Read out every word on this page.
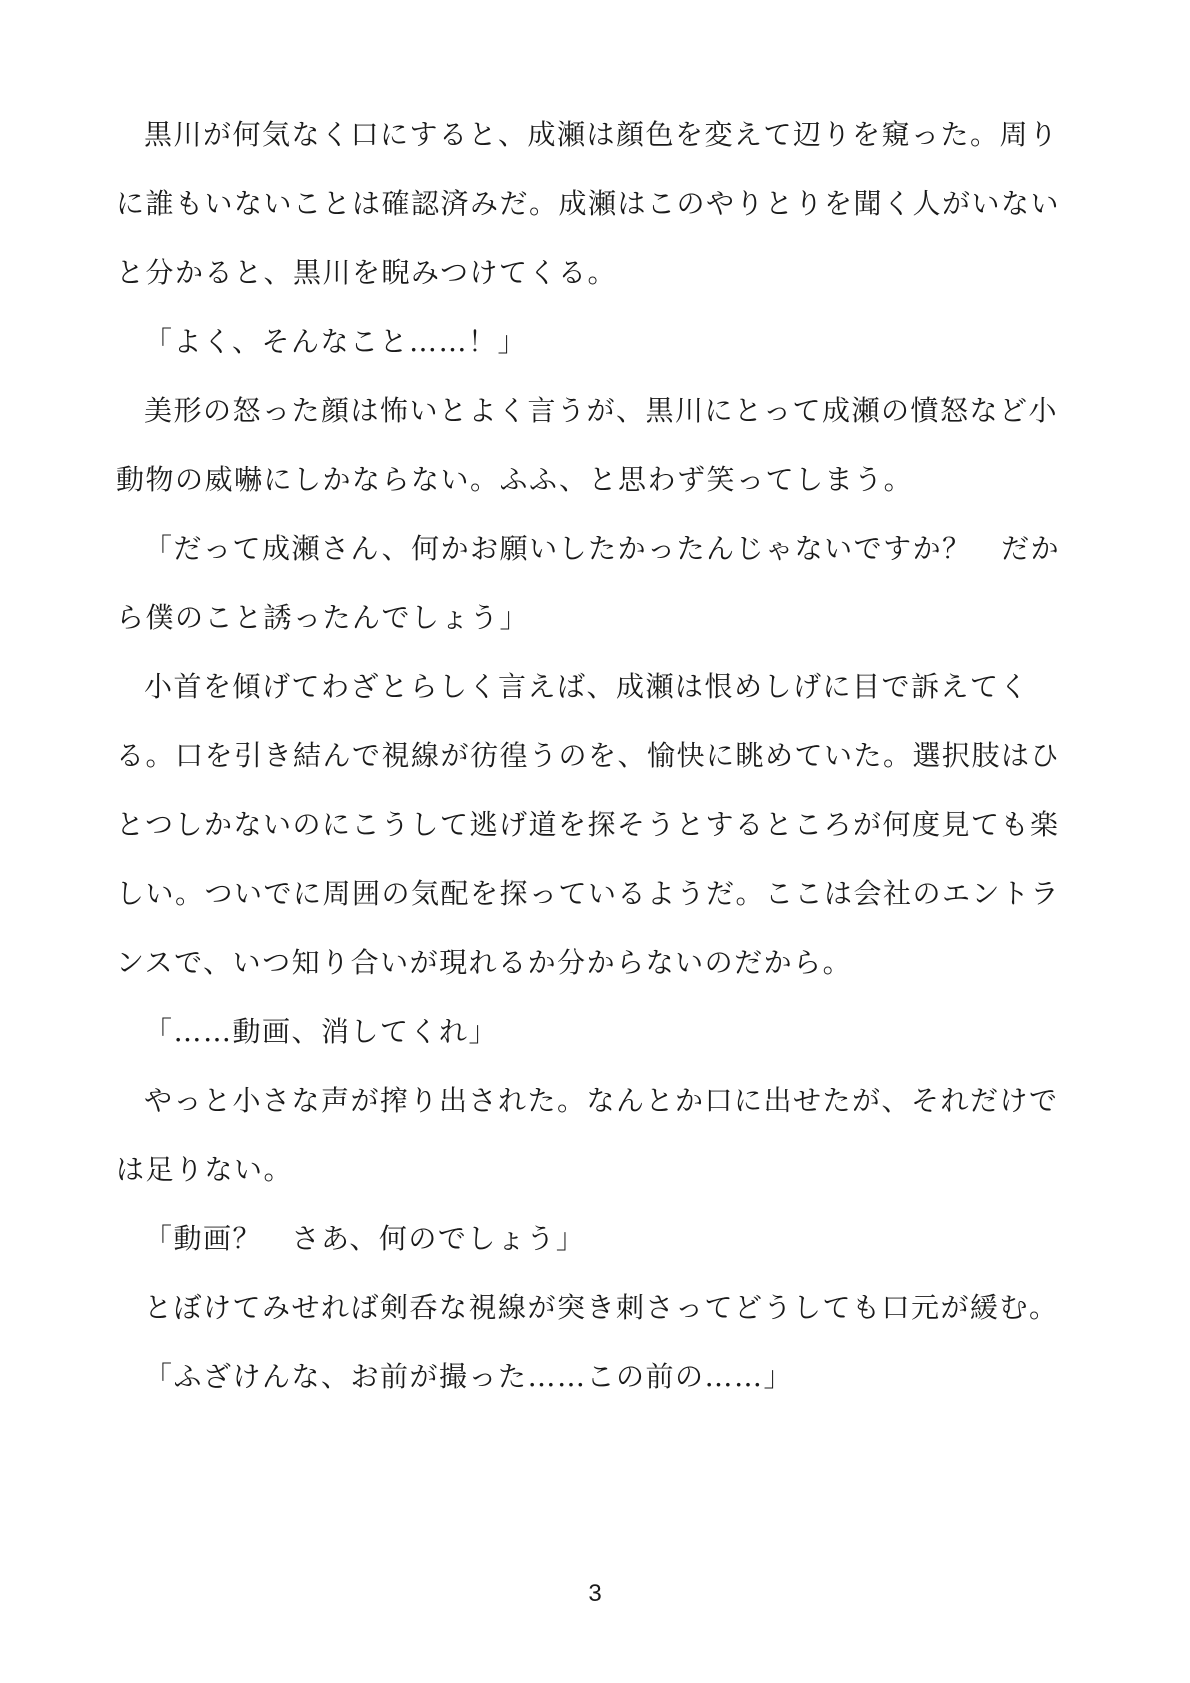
黒川が何気なく口にすると、成瀬は顔色を変えて辺りを窺った。周り
に誰もいないことは確認済みだ。成瀬はこのやりとりを聞く人がいない
と分かると、黒川を睨みつけてくる。
「よく、そんなこと……！」
美形の怒った顔は怖いとよく言うが、黒川にとって成瀬の憤怒など小
動物の威嚇にしかならない。ふふ、と思わず笑ってしまう。
「だって成瀬さん、何かお願いしたかったんじゃないですか？　だか
ら僕のこと誘ったんでしょう」
小首を傾げてわざとらしく言えば、成瀬は恨めしげに目で訴えてく
る。口を引き結んで視線が彷徨うのを、愉快に眺めていた。選択肢はひ
とつしかないのにこうして逃げ道を探そうとするところが何度見ても楽
しい。ついでに周囲の気配を探っているようだ。ここは会社のエントラ
ンスで、いつ知り合いが現れるか分からないのだから。
「……動画、消してくれ」
やっと小さな声が搾り出された。なんとか口に出せたが、それだけで
は足りない。
「動画？　さあ、何のでしょう」
とぼけてみせれば剣呑な視線が突き刺さってどうしても口元が緩む。
「ふざけんな、お前が撮った……この前の……」
3
